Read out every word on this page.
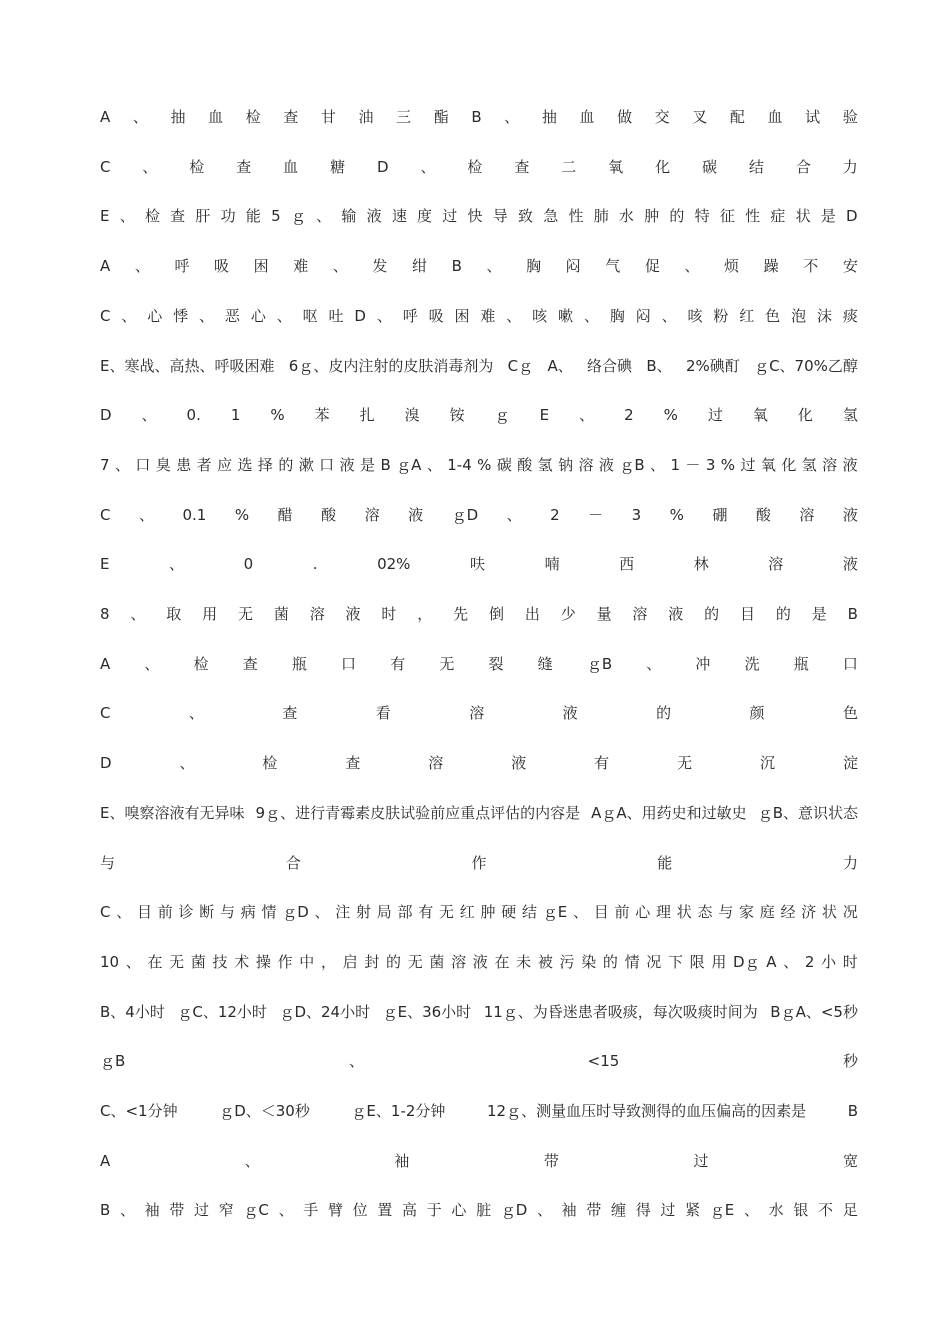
A 、 抽 血 检 查 甘 油 三 酯 B 、 抽 血 做 交 叉 配 血 试 验
C 、 检 查 血 糖 D 、 检 查 二 氧 化 碳 结 合 力
E 、 检 查 肝 功 能 5 ｇ 、 输 液 速 度 过 快 导 致 急 性 肺 水 肿 的 特 征 性 症 状 是 D
A 、 呼 吸 困 难 、 发 绀 B 、 胸 闷 气 促 、 烦 躁 不 安
C 、 心 悸 、 恶 心 、 呕 吐 D 、 呼 吸 困 难 、 咳 嗽 、 胸 闷 、 咳 粉 红 色 泡 沫 痰
E、寒战、高热、呼吸困难 6ｇ、皮内注射的皮肤消毒剂为 Cｇ A、 络合碘 B、 2%碘酊 ｇC、70%乙醇
D 、 0. 1 % 苯 扎 溴 铵 ｇ E 、 2 % 过 氧 化 氢
7 、 口 臭 患 者 应 选 择 的 漱 口 液 是 B ｇA 、 1-4 % 碳 酸 氢 钠 溶 液 ｇB 、 1 － 3 % 过 氧 化 氢 溶 液
C 、 0.1 % 醋 酸 溶 液 ｇD 、 2 － 3 % 硼 酸 溶 液
E	、	0	.	02%	呋	喃	西	林	溶	液
8 、 取 用 无 菌 溶 液 时 ， 先 倒 出 少 量 溶 液 的 目 的 是 B
A 、 检 查 瓶 口 有 无 裂 缝 ｇB 、 冲 洗 瓶 口
C	、	查	看	溶	液	的	颜	色
D	、	检	查	溶	液	有	无	沉	淀
E、嗅察溶液有无异味 9ｇ、进行青霉素皮肤试验前应重点评估的内容是 AｇA、用药史和过敏史 ｇB、意识状态
与	合	作	能	力
C 、 目 前 诊 断 与 病 情 ｇD 、 注 射 局 部 有 无 红 肿 硬 结 ｇE 、 目 前 心 理 状 态 与 家 庭 经 济 状 况
10 、 在 无 菌 技 术 操 作 中 ， 启 封 的 无 菌 溶 液 在 未 被 污 染 的 情 况 下 限 用 Dｇ A 、 2 小 时
B、4小时 ｇC、12小时 ｇD、24小时 ｇE、36小时 11ｇ、为昏迷患者吸痰，每次吸痰时间为 BｇA、<5秒
ｇB	、	<15	秒
C、<1分钟	ｇD、＜30秒	ｇE、1-2分钟	12ｇ、测量血压时导致测得的血压偏高的因素是	B
A	、	袖	带	过	宽
B 、 袖 带 过 窄 ｇC 、 手 臂 位 置 高 于 心 脏 ｇD 、 袖 带 缠 得 过 紧 ｇE 、 水 银 不 足
